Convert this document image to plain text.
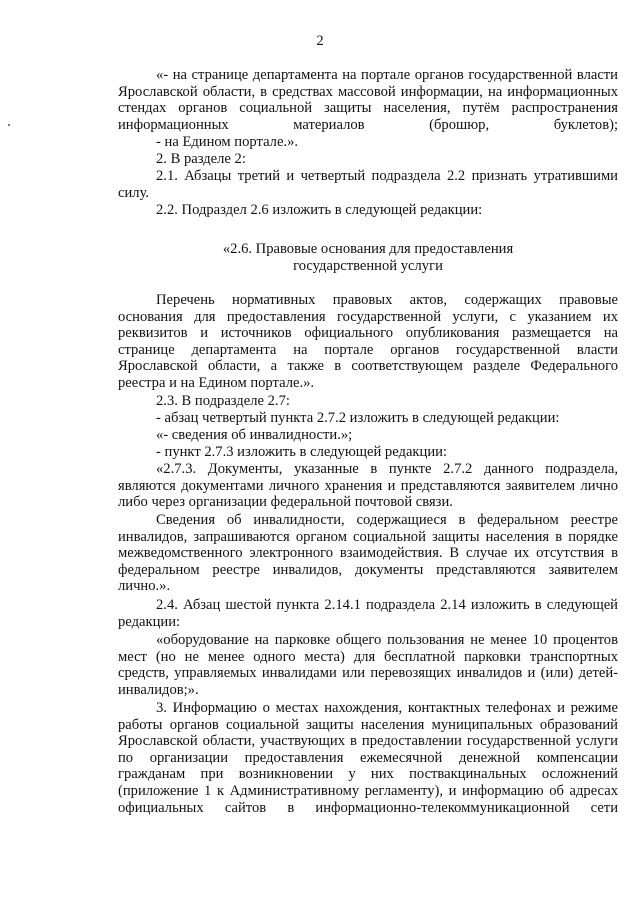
2

«- на странице департамента на портале органов государственной власти Ярославской области, в средствах массовой информации, на информационных стендах органов социальной защиты населения, путём распространения информационных материалов (брошюр, буклетов);

- на Едином портале.».

2. В разделе 2:

2.1. Абзацы третий и четвертый подраздела 2.2 признать утратившими силу.

2.2. Подраздел 2.6 изложить в следующей редакции:

«2.6. Правовые основания для предоставления
государственной услуги

Перечень нормативных правовых актов, содержащих правовые основания для предоставления государственной услуги, с указанием их реквизитов и источников официального опубликования размещается на странице департамента на портале органов государственной власти Ярославской области, а также в соответствующем разделе Федерального реестра и на Едином портале.».

2.3. В подразделе 2.7:

- абзац четвертый пункта 2.7.2 изложить в следующей редакции:

«- сведения об инвалидности.»;

- пункт 2.7.3 изложить в следующей редакции:

«2.7.3. Документы, указанные в пункте 2.7.2 данного подраздела, являются документами личного хранения и представляются заявителем лично либо через организации федеральной почтовой связи.

Сведения об инвалидности, содержащиеся в федеральном реестре инвалидов, запрашиваются органом социальной защиты населения в порядке межведомственного электронного взаимодействия. В случае их отсутствия в федеральном реестре инвалидов, документы представляются заявителем лично.».

2.4. Абзац шестой пункта 2.14.1 подраздела 2.14 изложить в следующей редакции:

«оборудование на парковке общего пользования не менее 10 процентов мест (но не менее одного места) для бесплатной парковки транспортных средств, управляемых инвалидами или перевозящих инвалидов и (или) детей-инвалидов;».

3. Информацию о местах нахождения, контактных телефонах и режиме работы органов социальной защиты населения муниципальных образований Ярославской области, участвующих в предоставлении государственной услуги по организации предоставления ежемесячной денежной компенсации гражданам при возникновении у них поствакцинальных осложнений (приложение 1 к Административному регламенту), и информацию об адресах официальных сайтов в информационно-телекоммуникационной сети
